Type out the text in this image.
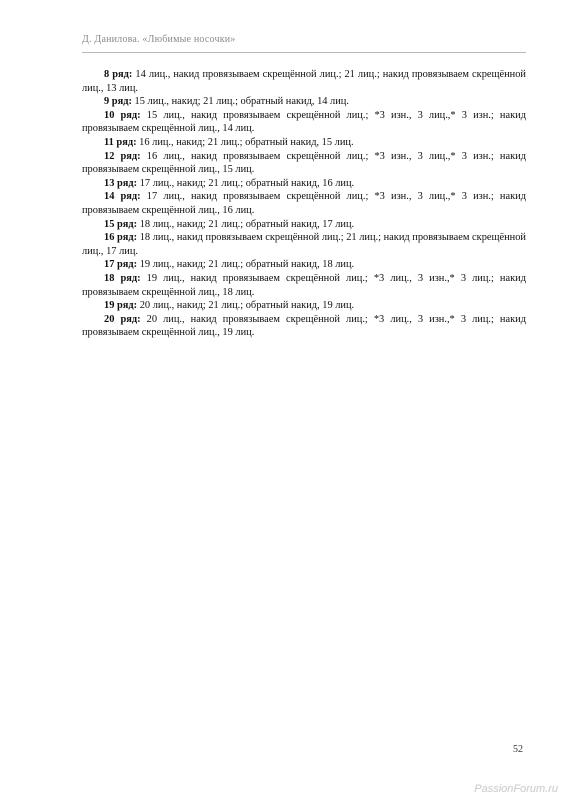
Д. Данилова. «Любимые носочки»

8 ряд: 14 лиц., накид провязываем скрещённой лиц.; 21 лиц.; накид провязываем скрещённой лиц., 13 лиц.

9 ряд: 15 лиц., накид; 21 лиц.; обратный накид, 14 лиц.

10 ряд: 15 лиц., накид провязываем скрещённой лиц.; *3 изн., 3 лиц.,* 3 изн.; накид провязываем скрещённой лиц., 14 лиц.

11 ряд: 16 лиц., накид; 21 лиц.; обратный накид, 15 лиц.

12 ряд: 16 лиц., накид провязываем скрещённой лиц.; *3 изн., 3 лиц.,* 3 изн.; накид провязываем скрещённой лиц., 15 лиц.

13 ряд: 17 лиц., накид; 21 лиц.; обратный накид, 16 лиц.

14 ряд: 17 лиц., накид провязываем скрещённой лиц.; *3 изн., 3 лиц.,* 3 изн.; накид провязываем скрещённой лиц., 16 лиц.

15 ряд: 18 лиц., накид; 21 лиц.; обратный накид, 17 лиц.

16 ряд: 18 лиц., накид провязываем скрещённой лиц.; 21 лиц.; накид провязываем скрещённой лиц., 17 лиц.

17 ряд: 19 лиц., накид; 21 лиц.; обратный накид, 18 лиц.

18 ряд: 19 лиц., накид провязываем скрещённой лиц.; *3 лиц., 3 изн.,* 3 лиц.; накид провязываем скрещённой лиц., 18 лиц.

19 ряд: 20 лиц., накид; 21 лиц.; обратный накид, 19 лиц.

20 ряд: 20 лиц., накид провязываем скрещённой лиц.; *3 лиц., 3 изн.,* 3 лиц.; накид провязываем скрещённой лиц., 19 лиц.

52
PassionForum.ru
